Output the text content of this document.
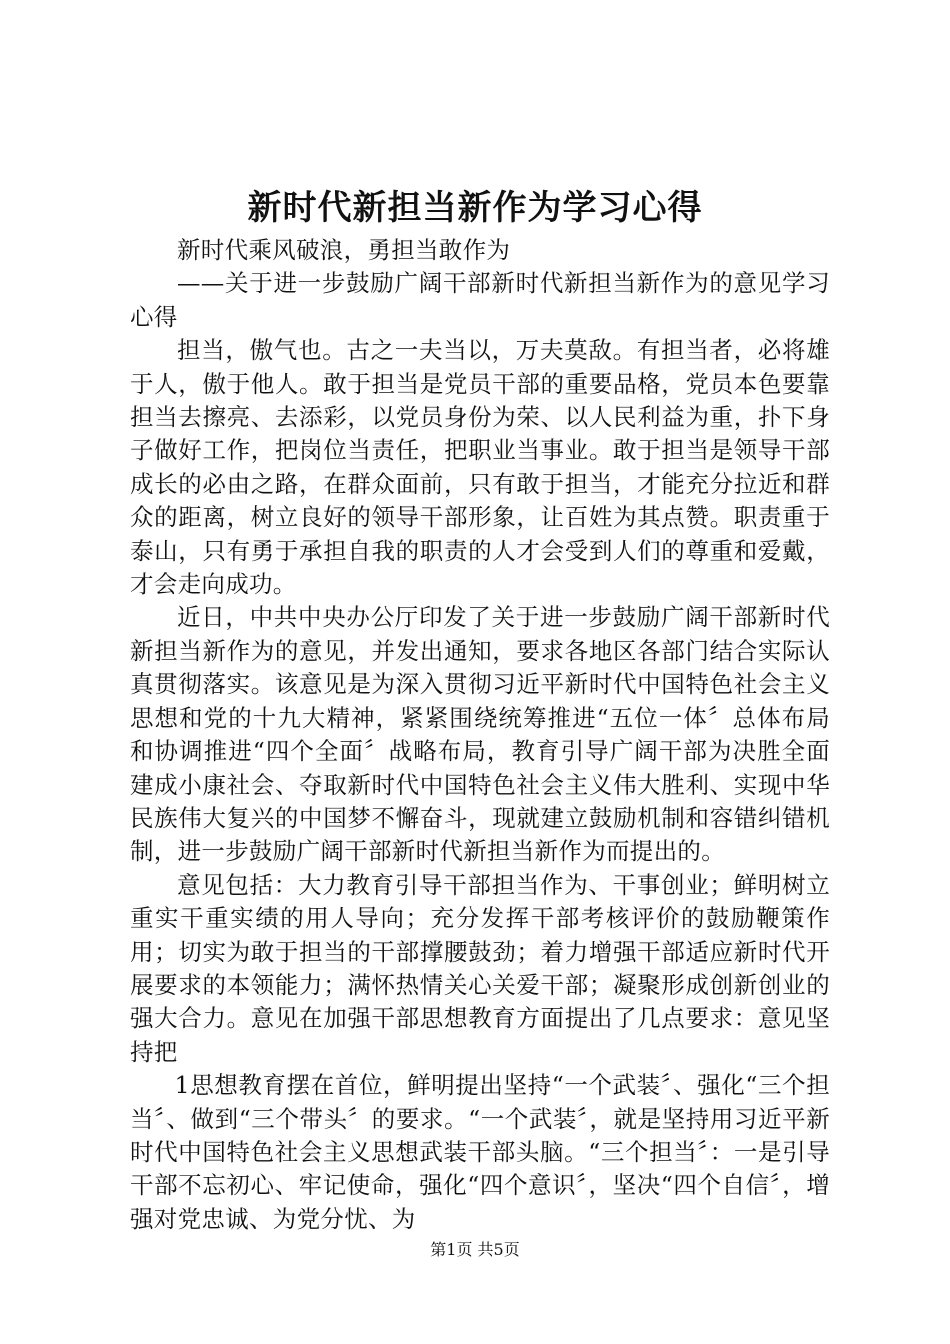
新时代新担当新作为学习心得

新时代乘风破浪，勇担当敢作为

——关于进一步鼓励广阔干部新时代新担当新作为的意见学习心得

担当，傲气也。古之一夫当以，万夫莫敌。有担当者，必将雄于人，傲于他人。敢于担当是党员干部的重要品格，党员本色要靠担当去擦亮、去添彩，以党员身份为荣、以人民利益为重，扑下身子做好工作，把岗位当责任，把职业当事业。敢于担当是领导干部成长的必由之路，在群众面前，只有敢于担当，才能充分拉近和群众的距离，树立良好的领导干部形象，让百姓为其点赞。职责重于泰山，只有勇于承担自我的职责的人才会受到人们的尊重和爱戴，才会走向成功。

近日，中共中央办公厅印发了关于进一步鼓励广阔干部新时代新担当新作为的意见，并发出通知，要求各地区各部门结合实际认真贯彻落实。该意见是为深入贯彻习近平新时代中国特色社会主义思想和党的十九大精神，紧紧围绕统筹推进“五位一体〞总体布局和协调推进“四个全面〞战略布局，教育引导广阔干部为决胜全面建成小康社会、夺取新时代中国特色社会主义伟大胜利、实现中华民族伟大复兴的中国梦不懈奋斗，现就建立鼓励机制和容错纠错机制，进一步鼓励广阔干部新时代新担当新作为而提出的。

意见包括：大力教育引导干部担当作为、干事创业；鲜明树立重实干重实绩的用人导向；充分发挥干部考核评价的鼓励鞭策作用；切实为敢于担当的干部撑腰鼓劲；着力增强干部适应新时代开展要求的本领能力；满怀热情关心关爱干部；凝聚形成创新创业的强大合力。意见在加强干部思想教育方面提出了几点要求：意见坚持把

1思想教育摆在首位，鲜明提出坚持“一个武装〞、强化“三个担当〞、做到“三个带头〞的要求。“一个武装〞，就是坚持用习近平新时代中国特色社会主义思想武装干部头脑。“三个担当〞：一是引导干部不忘初心、牢记使命，强化“四个意识〞，坚决“四个自信〞，增强对党忠诚、为党分忧、为

第1页 共5页
